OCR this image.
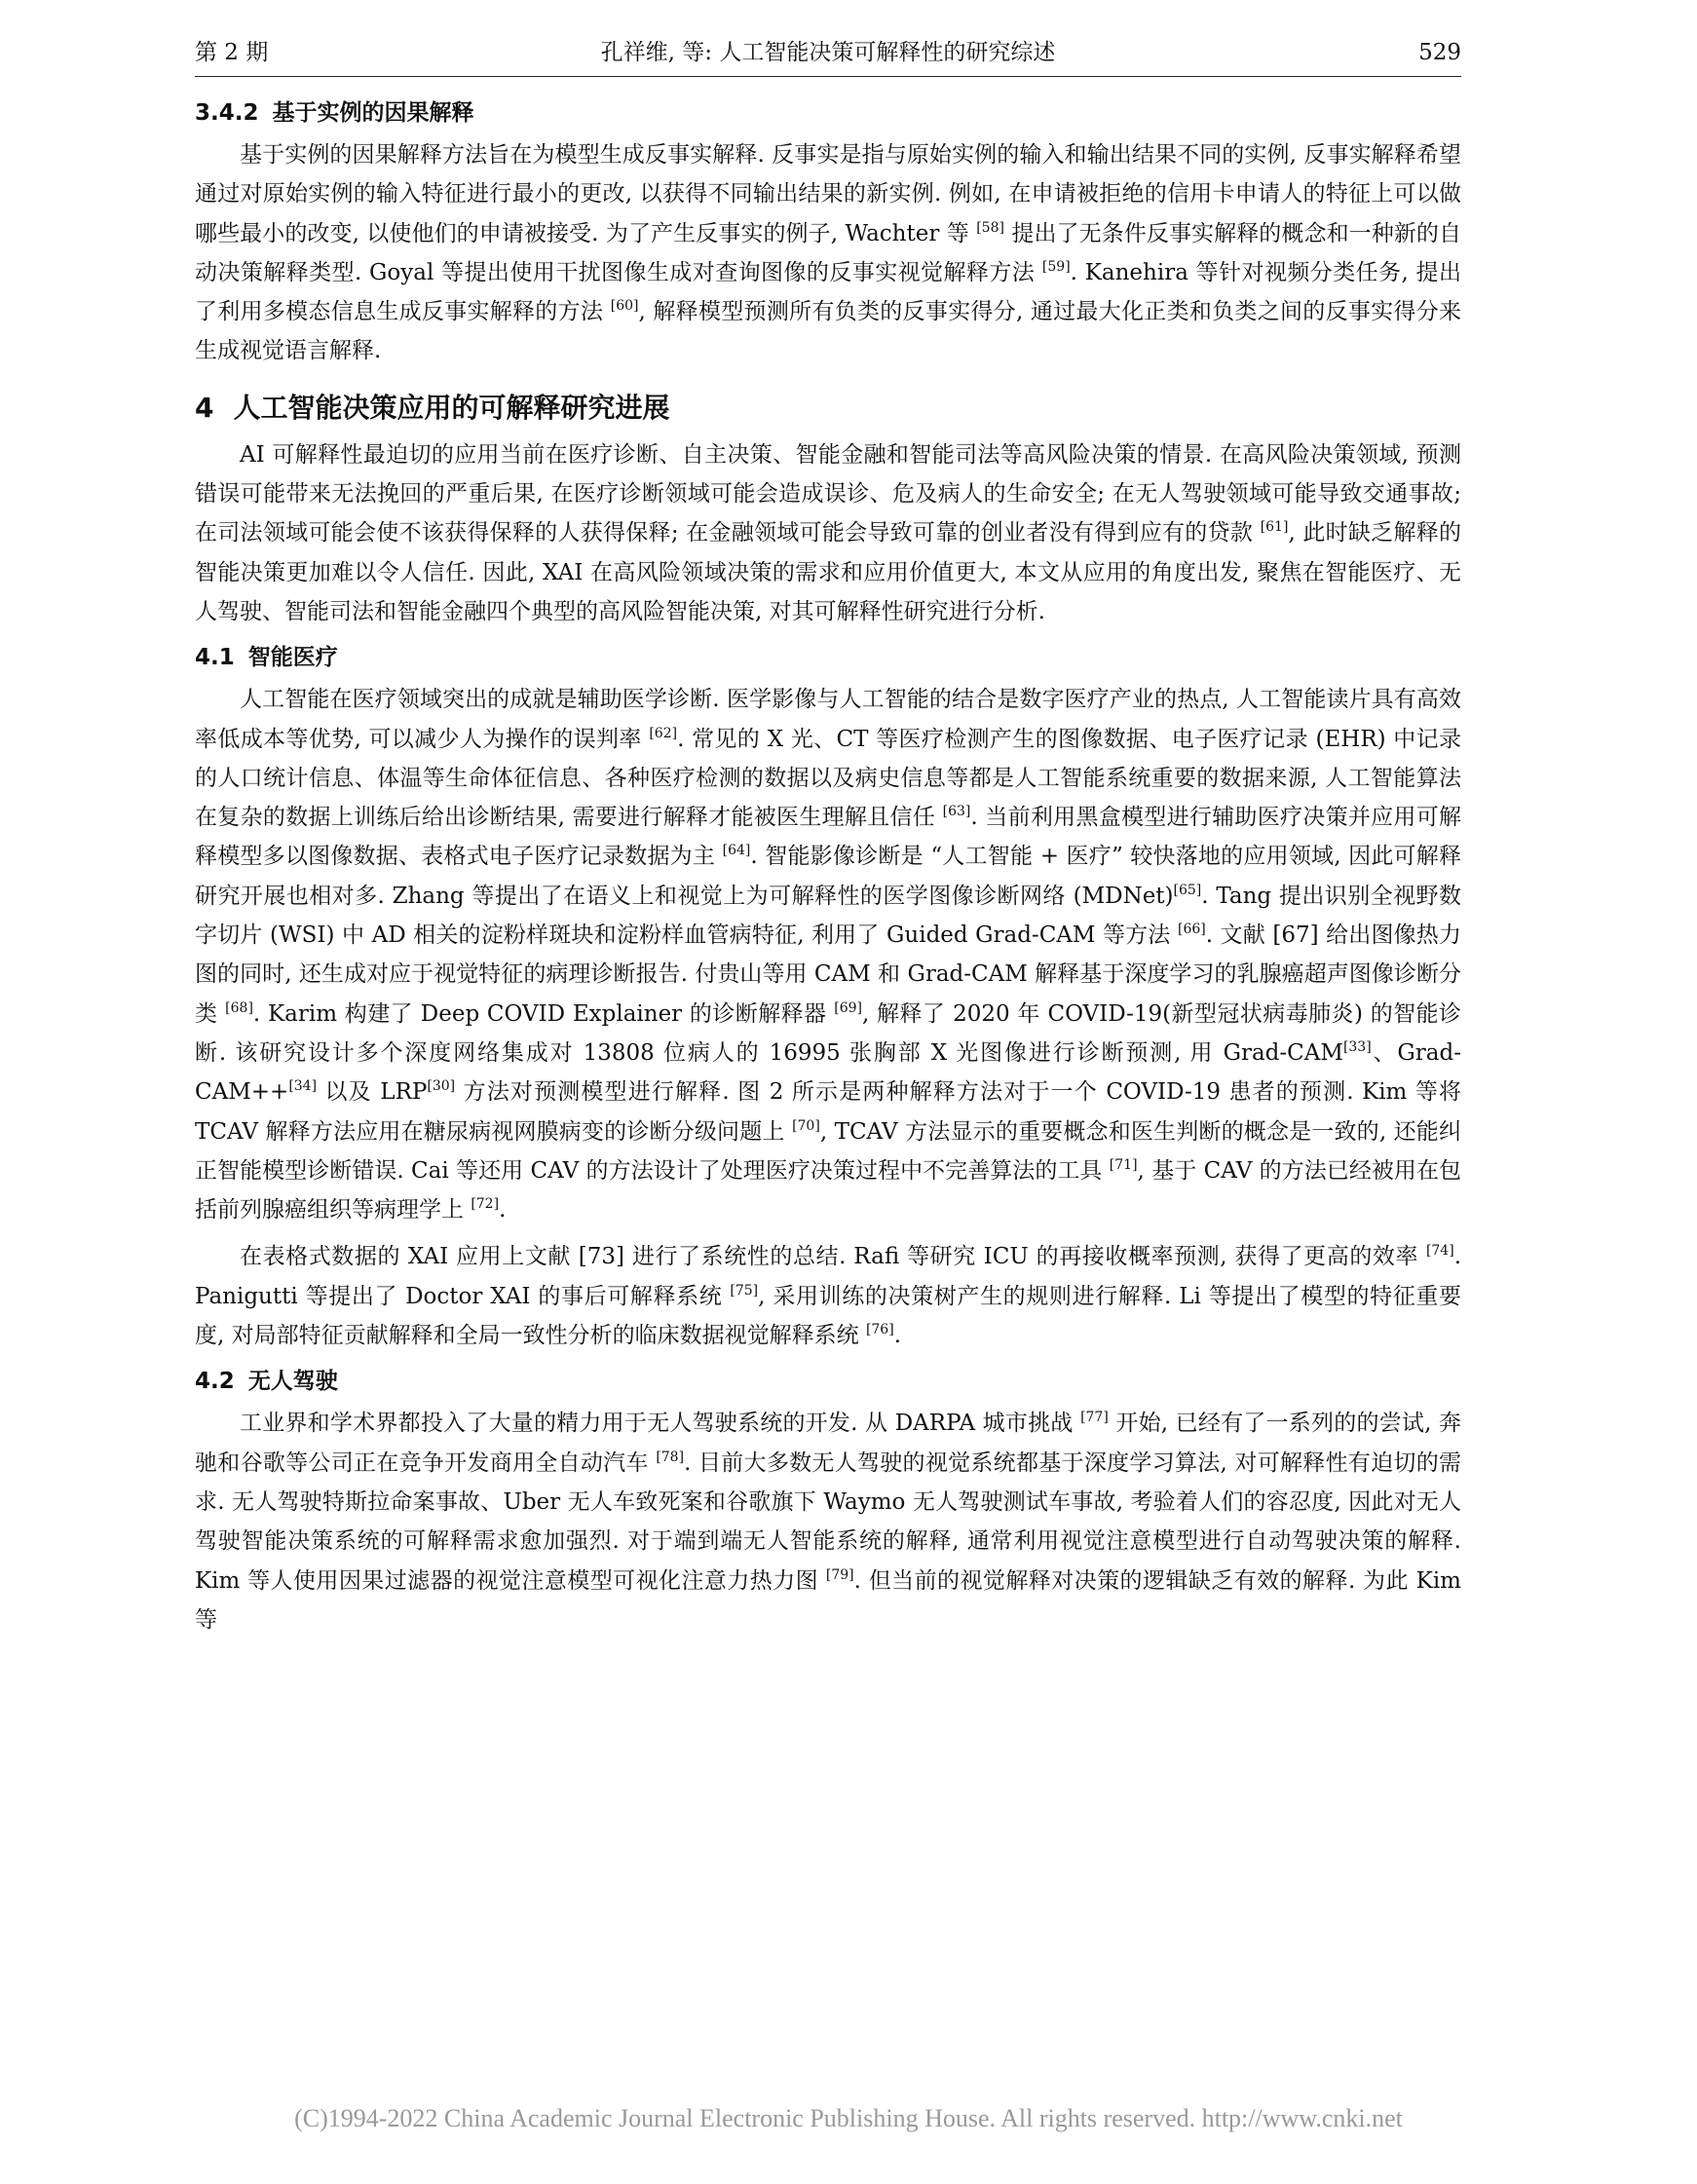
第 2 期	孔祥维, 等: 人工智能决策可解释性的研究综述	529
3.4.2 基于实例的因果解释

基于实例的因果解释方法旨在为模型生成反事实解释. 反事实是指与原始实例的输入和输出结果不同的实例, 反事实解释希望通过对原始实例的输入特征进行最小的更改, 以获得不同输出结果的新实例. 例如, 在申请被拒绝的信用卡申请人的特征上可以做哪些最小的改变, 以使他们的申请被接受. 为了产生反事实的例子, Wachter 等 [58] 提出了无条件反事实解释的概念和一种新的自动决策解释类型. Goyal 等提出使用干扰图像生成对查询图像的反事实视觉解释方法 [59]. Kanehira 等针对视频分类任务, 提出了利用多模态信息生成反事实解释的方法 [60], 解释模型预测所有负类的反事实得分, 通过最大化正类和负类之间的反事实得分来生成视觉语言解释.

4 人工智能决策应用的可解释研究进展

AI 可解释性最迫切的应用当前在医疗诊断、自主决策、智能金融和智能司法等高风险决策的情景. 在高风险决策领域, 预测错误可能带来无法挽回的严重后果, 在医疗诊断领域可能会造成误诊、危及病人的生命安全; 在无人驾驶领域可能导致交通事故; 在司法领域可能会使不该获得保释的人获得保释; 在金融领域可能会导致可靠的创业者没有得到应有的贷款 [61], 此时缺乏解释的智能决策更加难以令人信任. 因此, XAI 在高风险领域决策的需求和应用价值更大, 本文从应用的角度出发, 聚焦在智能医疗、无人驾驶、智能司法和智能金融四个典型的高风险智能决策, 对其可解释性研究进行分析.

4.1 智能医疗

人工智能在医疗领域突出的成就是辅助医学诊断. 医学影像与人工智能的结合是数字医疗产业的热点, 人工智能读片具有高效率低成本等优势, 可以减少人为操作的误判率 [62]. 常见的 X 光、CT 等医疗检测产生的图像数据、电子医疗记录 (EHR) 中记录的人口统计信息、体温等生命体征信息、各种医疗检测的数据以及病史信息等都是人工智能系统重要的数据来源, 人工智能算法在复杂的数据上训练后给出诊断结果, 需要进行解释才能被医生理解且信任 [63]. 当前利用黑盒模型进行辅助医疗决策并应用可解释模型多以图像数据、表格式电子医疗记录数据为主 [64]. 智能影像诊断是 “人工智能 + 医疗” 较快落地的应用领域, 因此可解释研究开展也相对多. Zhang 等提出了在语义上和视觉上为可解释性的医学图像诊断网络 (MDNet)[65]. Tang 提出识别全视野数字切片 (WSI) 中 AD 相关的淀粉样斑块和淀粉样血管病特征, 利用了 Guided Grad-CAM 等方法 [66]. 文献 [67] 给出图像热力图的同时, 还生成对应于视觉特征的病理诊断报告. 付贵山等用 CAM 和 Grad-CAM 解释基于深度学习的乳腺癌超声图像诊断分类 [68]. Karim 构建了 Deep COVID Explainer 的诊断解释器 [69], 解释了 2020 年 COVID-19(新型冠状病毒肺炎) 的智能诊断. 该研究设计多个深度网络集成对 13808 位病人的 16995 张胸部 X 光图像进行诊断预测, 用 Grad-CAM[33]、Grad-CAM++[34] 以及 LRP[30] 方法对预测模型进行解释. 图 2 所示是两种解释方法对于一个 COVID-19 患者的预测. Kim 等将 TCAV 解释方法应用在糖尿病视网膜病变的诊断分级问题上 [70], TCAV 方法显示的重要概念和医生判断的概念是一致的, 还能纠正智能模型诊断错误. Cai 等还用 CAV 的方法设计了处理医疗决策过程中不完善算法的工具 [71], 基于 CAV 的方法已经被用在包括前列腺癌组织等病理学上 [72].

在表格式数据的 XAI 应用上文献 [73] 进行了系统性的总结. Rafi 等研究 ICU 的再接收概率预测, 获得了更高的效率 [74]. Panigutti 等提出了 Doctor XAI 的事后可解释系统 [75], 采用训练的决策树产生的规则进行解释. Li 等提出了模型的特征重要度, 对局部特征贡献解释和全局一致性分析的临床数据视觉解释系统 [76].

4.2 无人驾驶

工业界和学术界都投入了大量的精力用于无人驾驶系统的开发. 从 DARPA 城市挑战 [77] 开始, 已经有了一系列的的尝试, 奔驰和谷歌等公司正在竞争开发商用全自动汽车 [78]. 目前大多数无人驾驶的视觉系统都基于深度学习算法, 对可解释性有迫切的需求. 无人驾驶特斯拉命案事故、Uber 无人车致死案和谷歌旗下 Waymo 无人驾驶测试车事故, 考验着人们的容忍度, 因此对无人驾驶智能决策系统的可解释需求愈加强烈. 对于端到端无人智能系统的解释, 通常利用视觉注意模型进行自动驾驶决策的解释. Kim 等人使用因果过滤器的视觉注意模型可视化注意力热力图 [79]. 但当前的视觉解释对决策的逻辑缺乏有效的解释. 为此 Kim 等

(C)1994-2022 China Academic Journal Electronic Publishing House. All rights reserved. http://www.cnki.net
